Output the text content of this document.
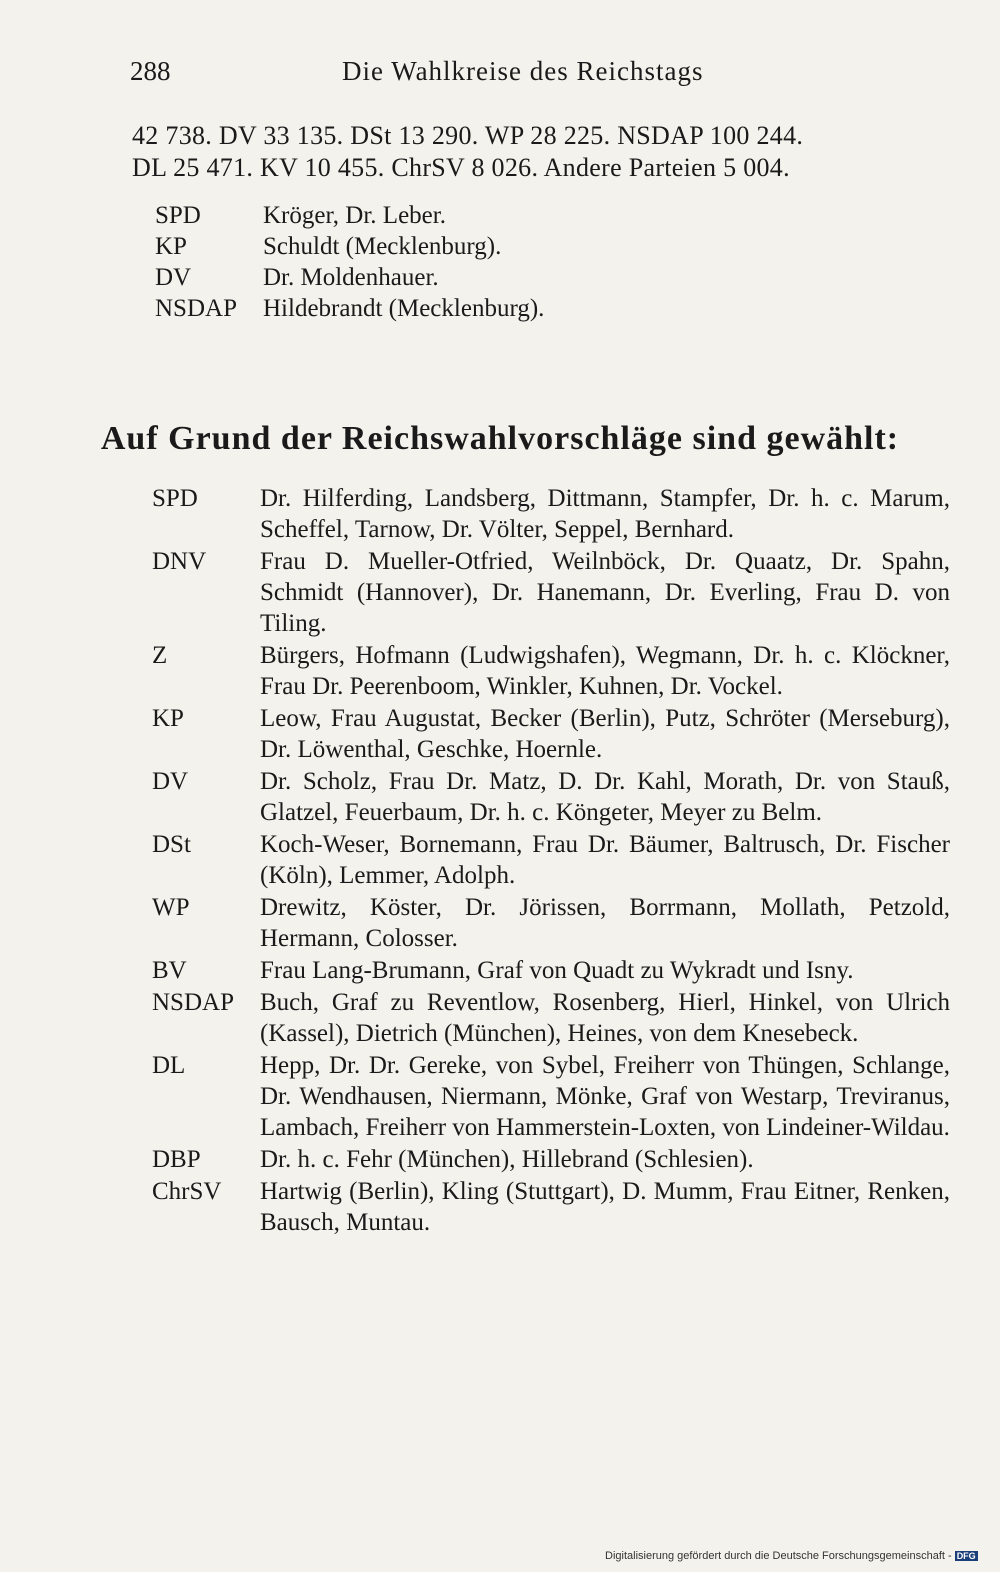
288	Die Wahlkreise des Reichstags
42 738. DV 33 135. DSt 13 290. WP 28 225. NSDAP 100 244.
DL 25 471. KV 10 455. ChrSV 8 026. Andere Parteien 5 004.
SPD	Kröger, Dr. Leber.
KP	Schuldt (Mecklenburg).
DV	Dr. Moldenhauer.
NSDAP	Hildebrandt (Mecklenburg).
Auf Grund der Reichswahlvorschläge sind gewählt:
SPD	Dr. Hilferding, Landsberg, Dittmann, Stampfer, Dr. h. c. Marum, Scheffel, Tarnow, Dr. Völter, Seppel, Bernhard.
DNV	Frau D. Mueller-Otfried, Weilnböck, Dr. Quaatz, Dr. Spahn, Schmidt (Hannover), Dr. Hanemann, Dr. Everling, Frau D. von Tiling.
Z	Bürgers, Hofmann (Ludwigshafen), Wegmann, Dr. h. c. Klöckner, Frau Dr. Peerenboom, Winkler, Kuhnen, Dr. Vockel.
KP	Leow, Frau Augustat, Becker (Berlin), Putz, Schröter (Merseburg), Dr. Löwenthal, Geschke, Hoernle.
DV	Dr. Scholz, Frau Dr. Matz, D. Dr. Kahl, Morath, Dr. von Stauß, Glatzel, Feuerbaum, Dr. h. c. Köngeter, Meyer zu Belm.
DSt	Koch-Weser, Bornemann, Frau Dr. Bäumer, Baltrusch, Dr. Fischer (Köln), Lemmer, Adolph.
WP	Drewitz, Köster, Dr. Jörissen, Borrmann, Mollath, Petzold, Hermann, Colosser.
BV	Frau Lang-Brumann, Graf von Quadt zu Wykradt und Isny.
NSDAP	Buch, Graf zu Reventlow, Rosenberg, Hierl, Hinkel, von Ulrich (Kassel), Dietrich (München), Heines, von dem Knesebeck.
DL	Hepp, Dr. Dr. Gereke, von Sybel, Freiherr von Thüngen, Schlange, Dr. Wendhausen, Niermann, Mönke, Graf von Westarp, Treviranus, Lambach, Freiherr von Hammerstein-Loxten, von Lindeiner-Wildau.
DBP	Dr. h. c. Fehr (München), Hillebrand (Schlesien).
ChrSV	Hartwig (Berlin), Kling (Stuttgart), D. Mumm, Frau Eitner, Renken, Bausch, Muntau.
Digitalisierung gefördert durch die Deutsche Forschungsgemeinschaft - DFG
